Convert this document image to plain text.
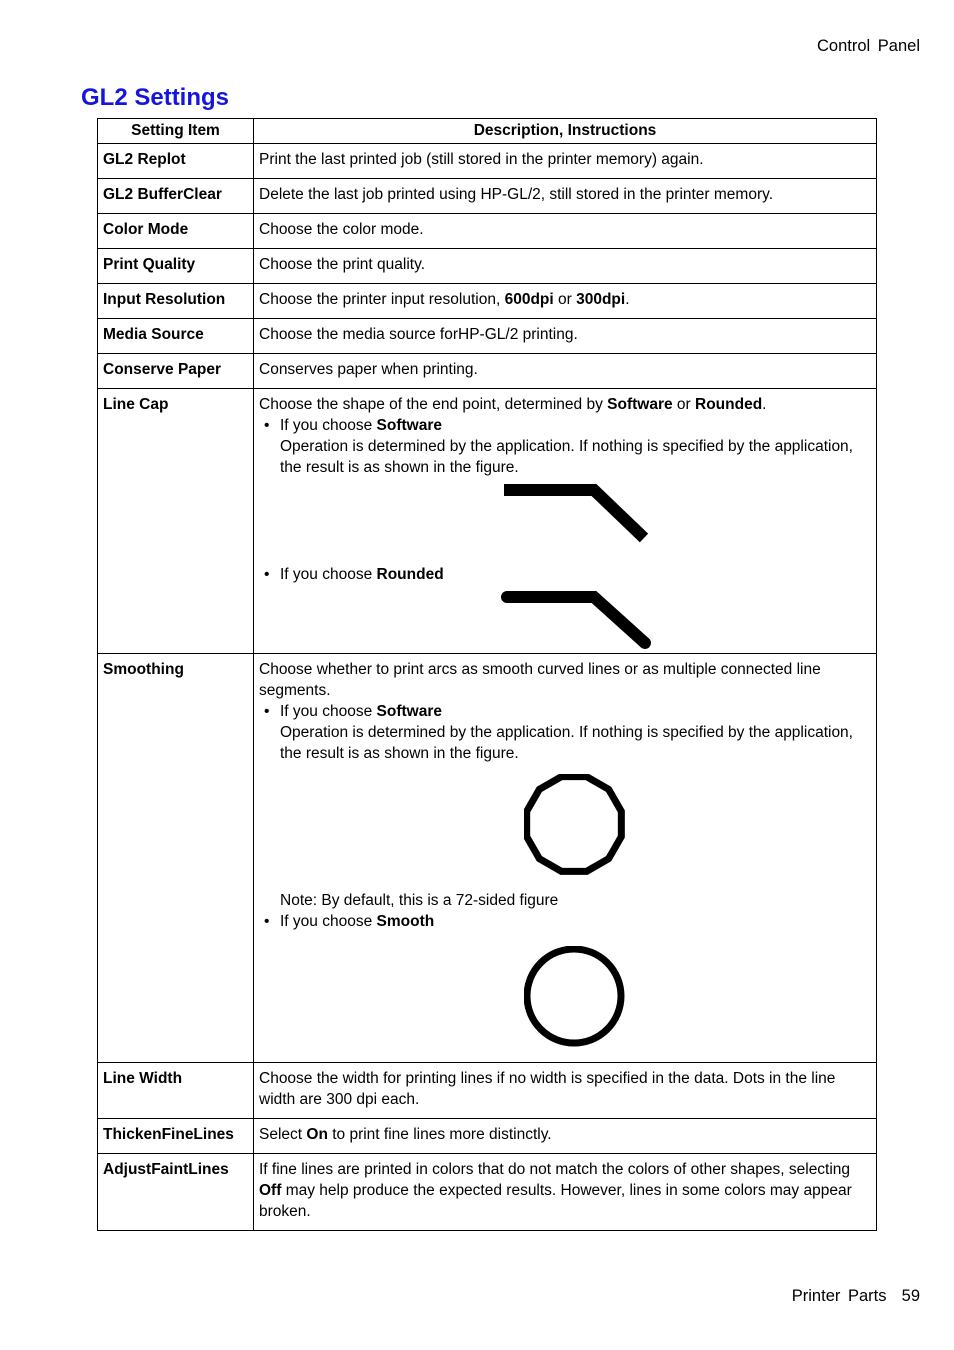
Control Panel
GL2 Settings
Setting Item	Description, Instructions
GL2 Replot	Print the last printed job (still stored in the printer memory) again.
GL2 BufferClear	Delete the last job printed using HP-GL/2, still stored in the printer memory.
Color Mode	Choose the color mode.
Print Quality	Choose the print quality.
Input Resolution	Choose the printer input resolution, 600dpi or 300dpi.
Media Source	Choose the media source forHP-GL/2 printing.
Conserve Paper	Conserves paper when printing.
Line Cap	Choose the shape of the end point, determined by Software or Rounded.
• If you choose Software
Operation is determined by the application. If nothing is specified by the application, the result is as shown in the figure.
• If you choose Rounded

Smoothing	Choose whether to print arcs as smooth curved lines or as multiple connected line segments.
• If you choose Software
Operation is determined by the application. If nothing is specified by the application, the result is as shown in the figure.
Note: By default, this is a 72-sided figure
• If you choose Smooth

Line Width	Choose the width for printing lines if no width is specified in the data. Dots in the line width are 300 dpi each.
ThickenFineLines	Select On to print fine lines more distinctly.
AdjustFaintLines	If fine lines are printed in colors that do not match the colors of other shapes, selecting Off may help produce the expected results. However, lines in some colors may appear broken.
Printer Parts 59
